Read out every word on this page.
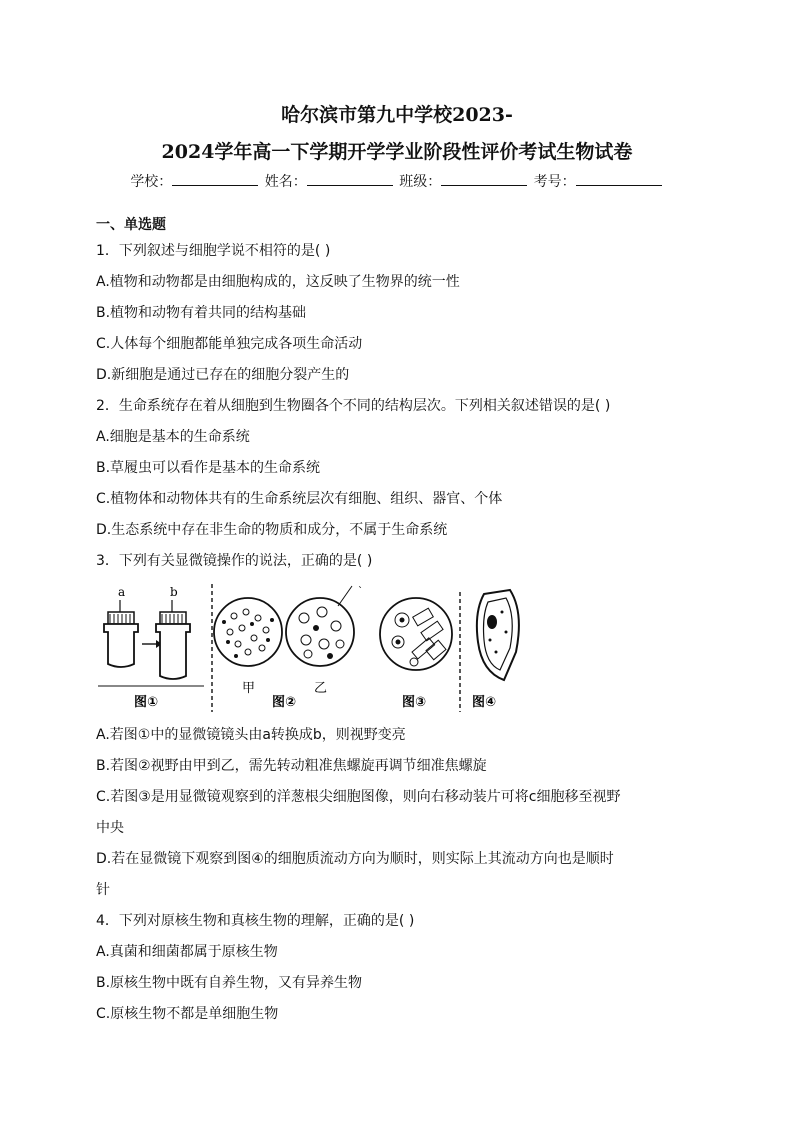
哈尔滨市第九中学校2023-
2024学年高一下学期开学学业阶段性评价考试生物试卷
学校：	姓名：	班级：	考号：
一、单选题
1．下列叙述与细胞学说不相符的是( )
A.植物和动物都是由细胞构成的，这反映了生物界的统一性
B.植物和动物有着共同的结构基础
C.人体每个细胞都能单独完成各项生命活动
D.新细胞是通过已存在的细胞分裂产生的
2．生命系统存在着从细胞到生物圈各个不同的结构层次。下列相关叙述错误的是( )
A.细胞是基本的生命系统
B.草履虫可以看作是基本的生命系统
C.植物体和动物体共有的生命系统层次有细胞、组织、器官、个体
D.生态系统中存在非生命的物质和成分，不属于生命系统
3．下列有关显微镜操作的说法，正确的是( )
a	b
图①
甲
ˋ
乙
图②	图③	图④
A.若图①中的显微镜镜头由a转换成b，则视野变亮
B.若图②视野由甲到乙，需先转动粗准焦螺旋再调节细准焦螺旋
C.若图③是用显微镜观察到的洋葱根尖细胞图像，则向右移动装片可将c细胞移至视野
中央
D.若在显微镜下观察到图④的细胞质流动方向为顺时，则实际上其流动方向也是顺时
针
4．下列对原核生物和真核生物的理解，正确的是( )
A.真菌和细菌都属于原核生物
B.原核生物中既有自养生物，又有异养生物
C.原核生物不都是单细胞生物
